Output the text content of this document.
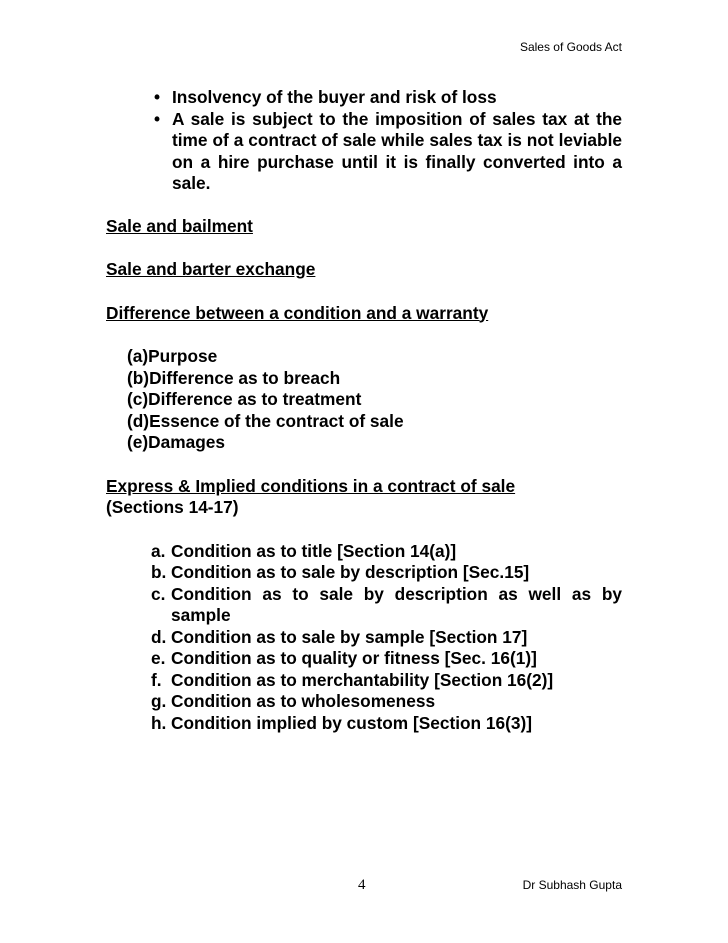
Sales of Goods Act
• Insolvency of the buyer and risk of loss
• A sale is subject to the imposition of sales tax at the time of a contract of sale while sales tax is not leviable on a hire purchase until it is finally converted into a sale.

Sale and bailment

Sale and barter exchange

Difference between a condition and a warranty

(a)Purpose
(b)Difference as to breach
(c)Difference as to treatment
(d)Essence of the contract of sale
(e)Damages

Express & Implied conditions in a contract of sale

(Sections 14-17)

a. Condition as to title [Section 14(a)]
b. Condition as to sale by description [Sec.15]
c. Condition as to sale by description as well as by sample
d. Condition as to sale by sample [Section 17]
e. Condition as to quality or fitness [Sec. 16(1)]
f. Condition as to merchantability [Section 16(2)]
g. Condition as to wholesomeness
h. Condition implied by custom [Section 16(3)]
4	Dr Subhash Gupta
